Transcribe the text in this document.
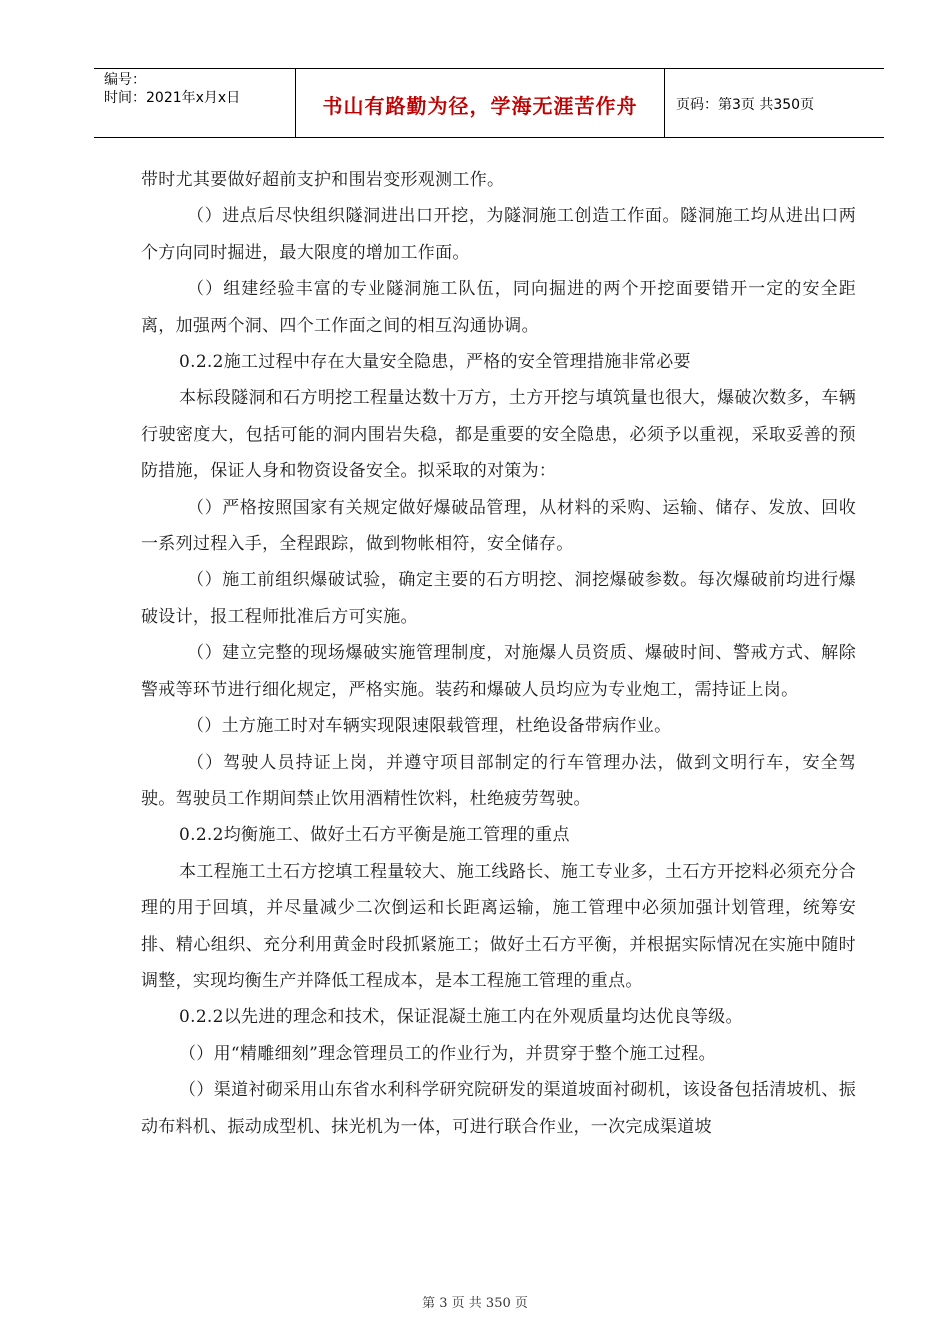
编号：
时间：2021年x月x日	书山有路勤为径，学海无涯苦作舟	页码：第3页 共350页

带时尤其要做好超前支护和围岩变形观测工作。

（）进点后尽快组织隧洞进出口开挖，为隧洞施工创造工作面。隧洞施工均从进出口两个方向同时掘进，最大限度的增加工作面。

（）组建经验丰富的专业隧洞施工队伍，同向掘进的两个开挖面要错开一定的安全距离，加强两个洞、四个工作面之间的相互沟通协调。

0.2.2施工过程中存在大量安全隐患，严格的安全管理措施非常必要

本标段隧洞和石方明挖工程量达数十万方，土方开挖与填筑量也很大，爆破次数多，车辆行驶密度大，包括可能的洞内围岩失稳，都是重要的安全隐患，必须予以重视，采取妥善的预防措施，保证人身和物资设备安全。拟采取的对策为：

（）严格按照国家有关规定做好爆破品管理，从材料的采购、运输、储存、发放、回收一系列过程入手，全程跟踪，做到物帐相符，安全储存。

（）施工前组织爆破试验，确定主要的石方明挖、洞挖爆破参数。每次爆破前均进行爆破设计，报工程师批准后方可实施。

（）建立完整的现场爆破实施管理制度，对施爆人员资质、爆破时间、警戒方式、解除警戒等环节进行细化规定，严格实施。装药和爆破人员均应为专业炮工，需持证上岗。

（）土方施工时对车辆实现限速限载管理，杜绝设备带病作业。

（）驾驶人员持证上岗，并遵守项目部制定的行车管理办法，做到文明行车，安全驾驶。驾驶员工作期间禁止饮用酒精性饮料，杜绝疲劳驾驶。

0.2.2均衡施工、做好土石方平衡是施工管理的重点

本工程施工土石方挖填工程量较大、施工线路长、施工专业多，土石方开挖料必须充分合理的用于回填，并尽量减少二次倒运和长距离运输，施工管理中必须加强计划管理，统筹安排、精心组织、充分利用黄金时段抓紧施工；做好土石方平衡，并根据实际情况在实施中随时调整，实现均衡生产并降低工程成本，是本工程施工管理的重点。

0.2.2以先进的理念和技术，保证混凝土施工内在外观质量均达优良等级。

（）用“精雕细刻”理念管理员工的作业行为，并贯穿于整个施工过程。

（）渠道衬砌采用山东省水利科学研究院研发的渠道坡面衬砌机，该设备包括清坡机、振动布料机、振动成型机、抹光机为一体，可进行联合作业，一次完成渠道坡

第 3 页 共 350 页
